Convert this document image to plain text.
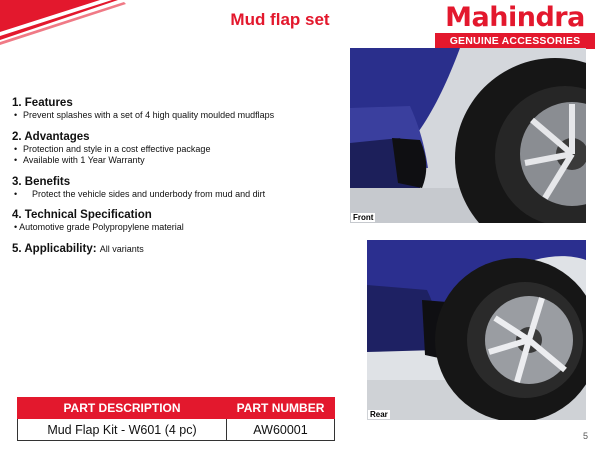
Mud flap set	Mahindra
GENUINE ACCESSORIES
1. Features
• Prevent splashes with a set of 4 high quality moulded mudflaps
2. Advantages
• Protection and style in a cost effective package
• Available with 1 Year Warranty
3. Benefits
• Protect the vehicle sides and underbody from mud and dirt
4. Technical Specification
• Automotive grade Polypropylene material
5. Applicability: All variants
Front
Rear
PART DESCRIPTION	PART NUMBER
Mud Flap Kit - W601 (4 pc)	AW60001	5
